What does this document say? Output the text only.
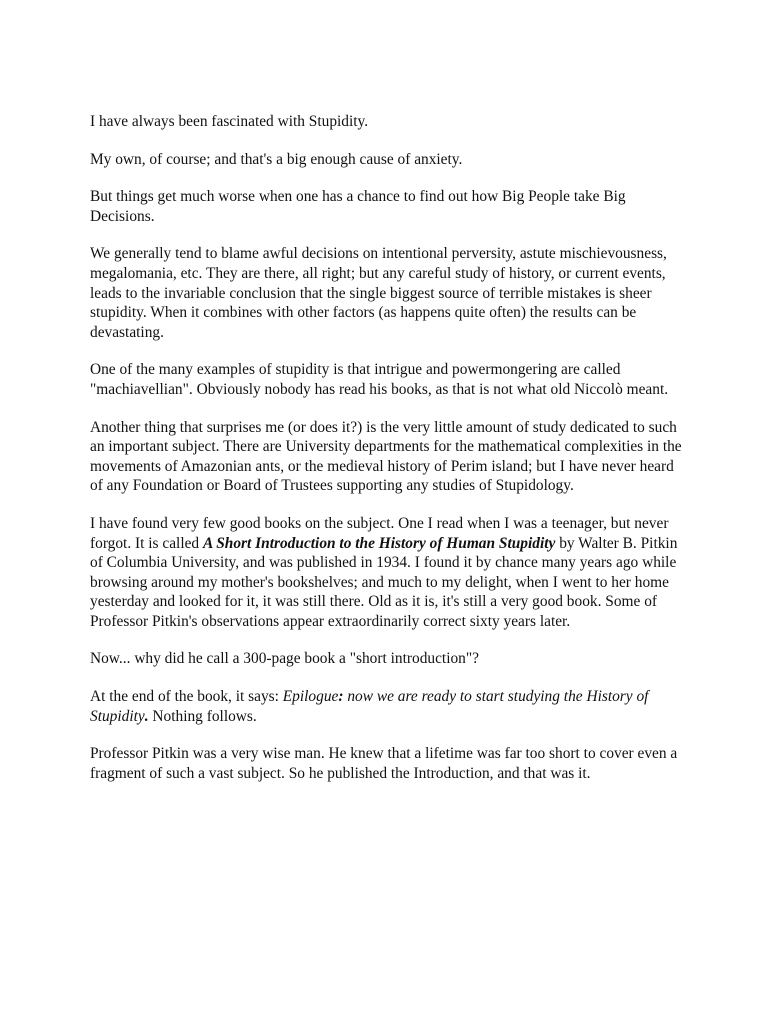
I have always been fascinated with Stupidity.

My own, of course; and that's a big enough cause of anxiety.

But things get much worse when one has a chance to find out how Big People take Big Decisions.

We generally tend to blame awful decisions on intentional perversity, astute mischievousness, megalomania, etc. They are there, all right; but any careful study of history, or current events, leads to the invariable conclusion that the single biggest source of terrible mistakes is sheer stupidity. When it combines with other factors (as happens quite often) the results can be devastating.

One of the many examples of stupidity is that intrigue and powermongering are called "machiavellian". Obviously nobody has read his books, as that is not what old Niccolò meant.

Another thing that surprises me (or does it?) is the very little amount of study dedicated to such an important subject. There are University departments for the mathematical complexities in the movements of Amazonian ants, or the medieval history of Perim island; but I have never heard of any Foundation or Board of Trustees supporting any studies of Stupidology.

I have found very few good books on the subject. One I read when I was a teenager, but never forgot. It is called A Short Introduction to the History of Human Stupidity by Walter B. Pitkin of Columbia University, and was published in 1934. I found it by chance many years ago while browsing around my mother's bookshelves; and much to my delight, when I went to her home yesterday and looked for it, it was still there. Old as it is, it's still a very good book. Some of Professor Pitkin's observations appear extraordinarily correct sixty years later.

Now... why did he call a 300-page book a "short introduction"?

At the end of the book, it says: Epilogue: now we are ready to start studying the History of Stupidity. Nothing follows.

Professor Pitkin was a very wise man. He knew that a lifetime was far too short to cover even a fragment of such a vast subject. So he published the Introduction, and that was it.
